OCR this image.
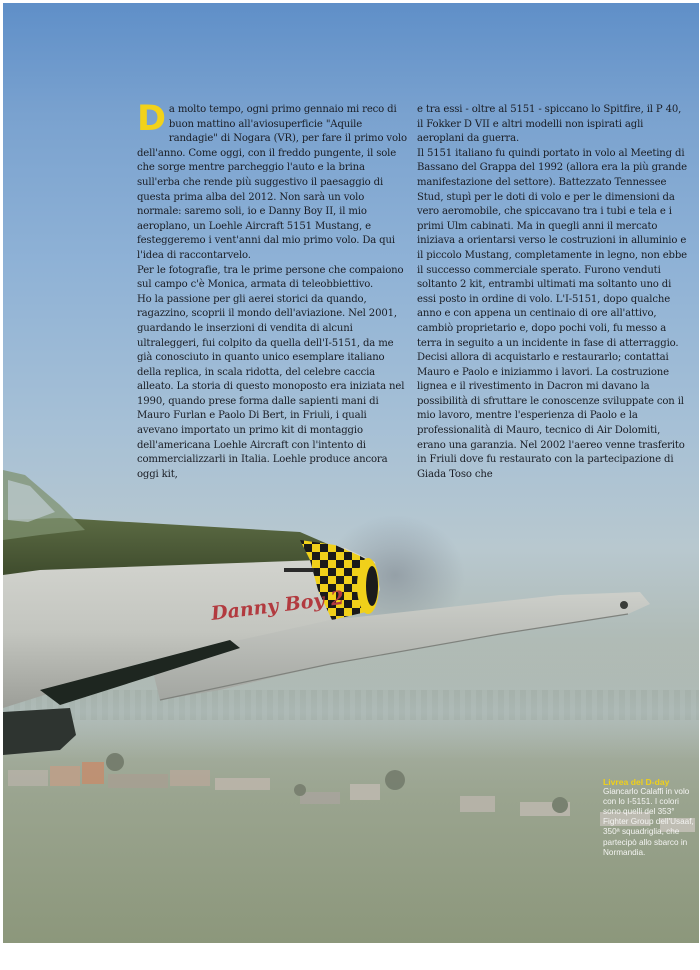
Danny Boy 2

Da molto tempo, ogni primo gennaio mi reco di buon mattino all'aviosuperficie "Aquile randagie" di Nogara (VR), per fare il primo volo dell'anno. Come oggi, con il freddo pungente, il sole che sorge mentre parcheggio l'auto e la brina sull'erba che rende più suggestivo il paesaggio di questa prima alba del 2012. Non sarà un volo normale: saremo soli, io e Danny Boy II, il mio aeroplano, un Loehle Aircraft 5151 Mustang, e festeggeremo i vent'anni dal mio primo volo. Da qui l'idea di raccontarvelo.

Per le fotografie, tra le prime persone che compaiono sul campo c'è Monica, armata di teleobbiettivo.

Ho la passione per gli aerei storici da quando, ragazzino, scoprii il mondo dell'aviazione. Nel 2001, guardando le inserzioni di vendita di alcuni ultraleggeri, fui colpito da quella dell'I-5151, da me già conosciuto in quanto unico esemplare italiano della replica, in scala ridotta, del celebre caccia alleato. La storia di questo monoposto era iniziata nel 1990, quando prese forma dalle sapienti mani di Mauro Furlan e Paolo Di Bert, in Friuli, i quali avevano importato un primo kit di montaggio dell'americana Loehle Aircraft con l'intento di commercializzarli in Italia. Loehle produce ancora oggi kit,

e tra essi - oltre al 5151 - spiccano lo Spitfire, il P 40, il Fokker D VII e altri modelli non ispirati agli aeroplani da guerra.

Il 5151 italiano fu quindi portato in volo al Meeting di Bassano del Grappa del 1992 (allora era la più grande manifestazione del settore). Battezzato Tennessee Stud, stupì per le doti di volo e per le dimensioni da vero aeromobile, che spiccavano tra i tubi e tela e i primi Ulm cabinati. Ma in quegli anni il mercato iniziava a orientarsi verso le costruzioni in alluminio e il piccolo Mustang, completamente in legno, non ebbe il successo commerciale sperato. Furono venduti soltanto 2 kit, entrambi ultimati ma soltanto uno di essi posto in ordine di volo. L'I-5151, dopo qualche anno e con appena un centinaio di ore all'attivo, cambiò proprietario e, dopo pochi voli, fu messo a terra in seguito a un incidente in fase di atterraggio. Decisi allora di acquistarlo e restaurarlo; contattai Mauro e Paolo e iniziammo i lavori. La costruzione lignea e il rivestimento in Dacron mi davano la possibilità di sfruttare le conoscenze sviluppate con il mio lavoro, mentre l'esperienza di Paolo e la professionalità di Mauro, tecnico di Air Dolomiti, erano una garanzia. Nel 2002 l'aereo venne trasferito in Friuli dove fu restaurato con la partecipazione di Giada Toso che

Livrea del D-day
Giancarlo Calaffi in volo con lo I-5151. I colori sono quelli del 353° Fighter Group dell'Usaaf, 350ª squadriglia, che partecipò allo sbarco in Normandia.
